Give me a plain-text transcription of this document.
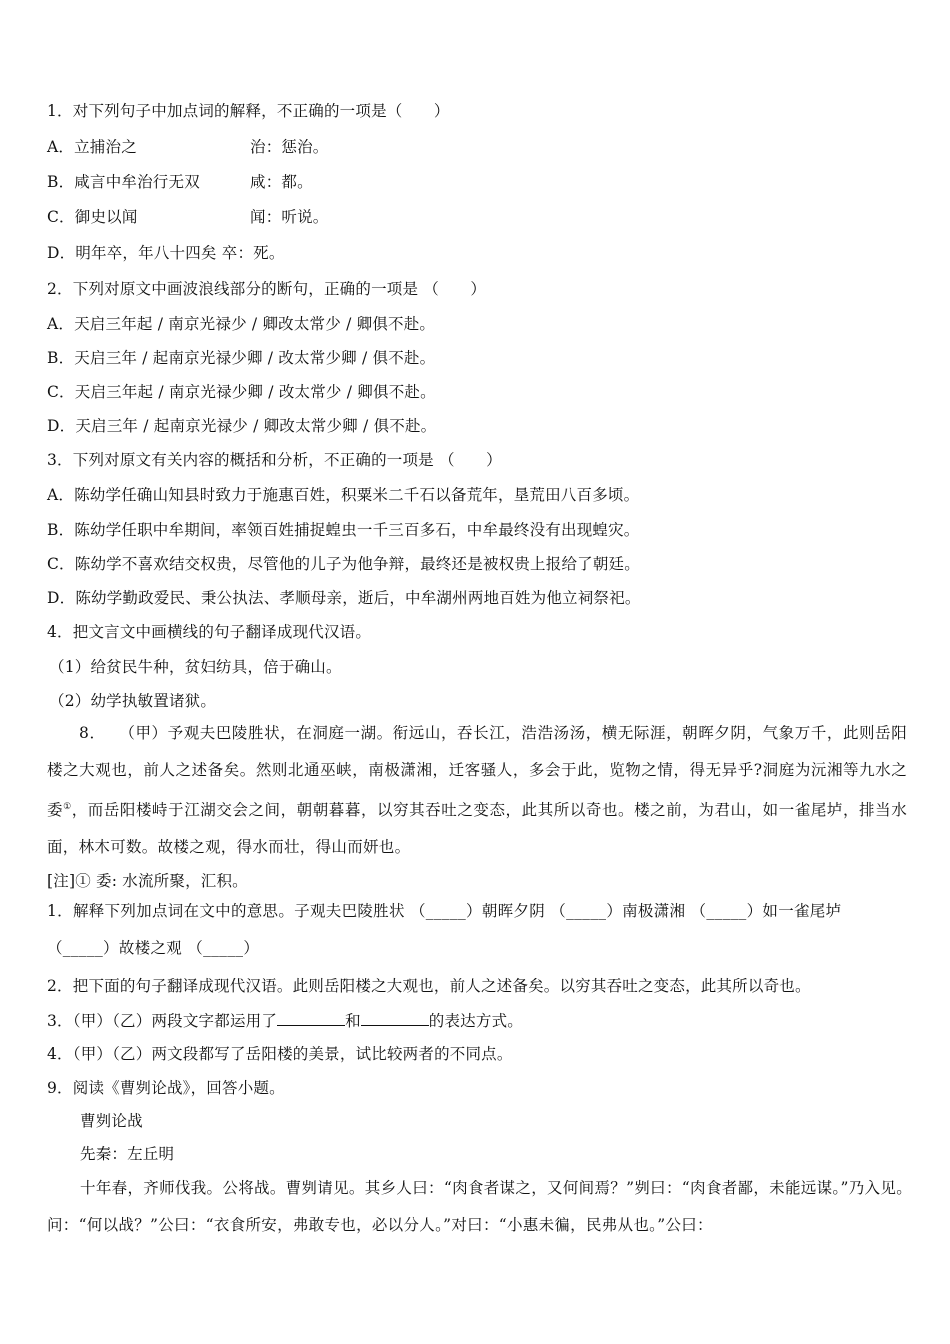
1．对下列句子中加点词的解释，不正确的一项是（　　）
A．立捕治之	治：惩治。
B．咸言中牟治行无双	咸：都。
C．御史以闻	闻：听说。
D．明年卒，年八十四矣 卒：死。
2．下列对原文中画波浪线部分的断句，正确的一项是 （　　）
A．天启三年起 / 南京光禄少 / 卿改太常少 / 卿俱不赴。
B．天启三年 / 起南京光禄少卿 / 改太常少卿 / 俱不赴。
C．天启三年起 / 南京光禄少卿 / 改太常少 / 卿俱不赴。
D．天启三年 / 起南京光禄少 / 卿改太常少卿 / 俱不赴。
3．下列对原文有关内容的概括和分析，不正确的一项是 （　　）
A．陈幼学任确山知县时致力于施惠百姓，积粟米二千石以备荒年，垦荒田八百多顷。
B．陈幼学任职中牟期间，率领百姓捕捉蝗虫一千三百多石，中牟最终没有出现蝗灾。
C．陈幼学不喜欢结交权贵，尽管他的儿子为他争辩，最终还是被权贵上报给了朝廷。
D．陈幼学勤政爱民、秉公执法、孝顺母亲，逝后，中牟湖州两地百姓为他立祠祭祀。
4．把文言文中画横线的句子翻译成现代汉语。
（1）给贫民牛种，贫妇纺具，倍于确山。
（2）幼学执敏置诸狱。
8．　 （甲）予观夫巴陵胜状，在洞庭一湖。衔远山，吞长江，浩浩汤汤，横无际涯，朝晖夕阴，气象万千，此则岳阳楼之大观也，前人之述备矣。然则北通巫峡，南极潇湘，迁客骚人，多会于此，览物之情，得无异乎?洞庭为沅湘等九水之委①，而岳阳楼峙于江湖交会之间，朝朝暮暮，以穷其吞吐之变态，此其所以奇也。楼之前，为君山，如一雀尾垆，排当水面，林木可数。故楼之观，得水而壮，得山而妍也。
[注]① 委: 水流所聚，汇积。
1．解释下列加点词在文中的意思。子观夫巴陵胜状 （_____）朝晖夕阴 （_____）南极潇湘 （_____）如一雀尾垆
（_____）故楼之观 （_____）
2．把下面的句子翻译成现代汉语。此则岳阳楼之大观也，前人之述备矣。以穷其吞吐之变态，此其所以奇也。
3．（甲）（乙）两段文字都运用了	和	的表达方式。
4．（甲）（乙）两文段都写了岳阳楼的美景，试比较两者的不同点。
9．阅读《曹刿论战》，回答小题。
曹刿论战
先秦：左丘明
十年春，齐师伐我。公将战。曹刿请见。其乡人曰：“肉食者谋之，又何间焉？”刿曰：“肉食者鄙，未能远谋。”乃入见。问：“何以战？”公曰：“衣食所安，弗敢专也，必以分人。”对曰：“小惠未徧，民弗从也。”公曰：
